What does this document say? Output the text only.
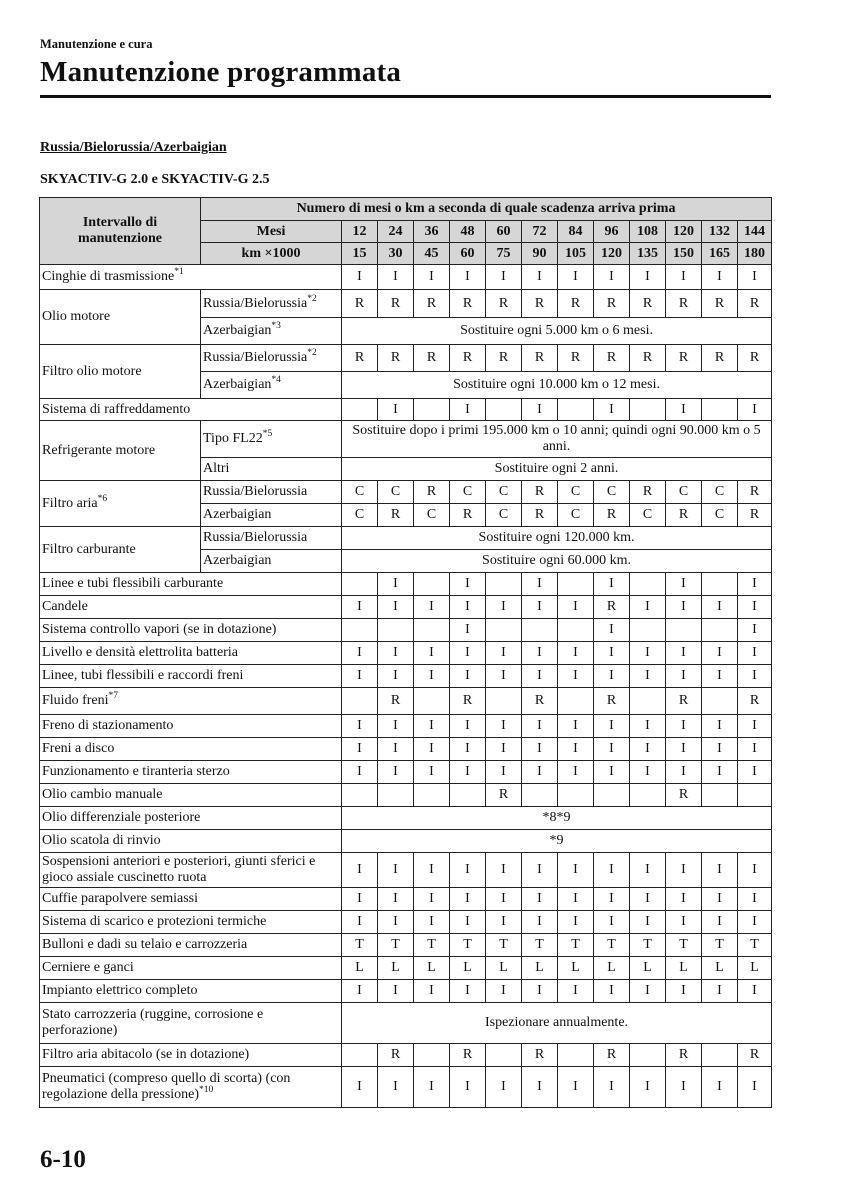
Manutenzione e cura
Manutenzione programmata
Russia/Bielorussia/Azerbaigian
SKYACTIV-G 2.0 e SKYACTIV-G 2.5
Intervallo di manutenzione	Numero di mesi o km a seconda di quale scadenza arriva prima												
	Mesi	12	24	36	48	60	72	84	96	108	120	132	144
	km ×1000	15	30	45	60	75	90	105	120	135	150	165	180
Cinghie di trasmissione$^{*1}$		I	I	I	I	I	I	I	I	I	I	I	I
Olio motore	Russia/Bielorussia$^{*2}$	R	R	R	R	R	R	R	R	R	R	R	R
	Azerbaigian$^{*3}$	Sostituire ogni 5.000 km o 6 mesi.											
Filtro olio motore	Russia/Bielorussia$^{*2}$	R	R	R	R	R	R	R	R	R	R	R	R
	Azerbaigian$^{*4}$	Sostituire ogni 10.000 km o 12 mesi.											
Sistema di raffreddamento			I		I		I		I		I		I
Refrigerante motore	Tipo FL22$^{*5}$	Sostituire dopo i primi 195.000 km o 10 anni; quindi ogni 90.000 km o 5 anni.											
	Altri	Sostituire ogni 2 anni.											
Filtro aria$^{*6}$	Russia/Bielorussia	C	C	R	C	C	R	C	C	R	C	C	R
	Azerbaigian	C	R	C	R	C	R	C	R	C	R	C	R
Filtro carburante	Russia/Bielorussia	Sostituire ogni 120.000 km.											
	Azerbaigian	Sostituire ogni 60.000 km.											
Linee e tubi flessibili carburante			I		I		I		I		I		I
Candele		I	I	I	I	I	I	I	R	I	I	I	I
Sistema controllo vapori (se in dotazione)					I				I				I
Livello e densità elettrolita batteria		I	I	I	I	I	I	I	I	I	I	I	I
Linee, tubi flessibili e raccordi freni		I	I	I	I	I	I	I	I	I	I	I	I
Fluido freni$^{*7}$			R		R		R		R		R		R
Freno di stazionamento		I	I	I	I	I	I	I	I	I	I	I	I
Freni a disco		I	I	I	I	I	I	I	I	I	I	I	I
Funzionamento e tiranteria sterzo		I	I	I	I	I	I	I	I	I	I	I	I
Olio cambio manuale						R					R		
Olio differenziale posteriore		*8*9											
Olio scatola di rinvio		*9											
Sospensioni anteriori e posteriori, giunti sferici e gioco assiale cuscinetto ruota		I	I	I	I	I	I	I	I	I	I	I	I
Cuffie parapolvere semiassi		I	I	I	I	I	I	I	I	I	I	I	I
Sistema di scarico e protezioni termiche		I	I	I	I	I	I	I	I	I	I	I	I
Bulloni e dadi su telaio e carrozzeria		T	T	T	T	T	T	T	T	T	T	T	T
Cerniere e ganci		L	L	L	L	L	L	L	L	L	L	L	L
Impianto elettrico completo		I	I	I	I	I	I	I	I	I	I	I	I
Stato carrozzeria (ruggine, corrosione e perforazione)		Ispezionare annualmente.											
Filtro aria abitacolo (se in dotazione)			R		R		R		R		R		R
Pneumatici (compreso quello di scorta) (con regolazione della pressione)$^{*10}$		I	I	I	I	I	I	I	I	I	I	I	I
6-10
